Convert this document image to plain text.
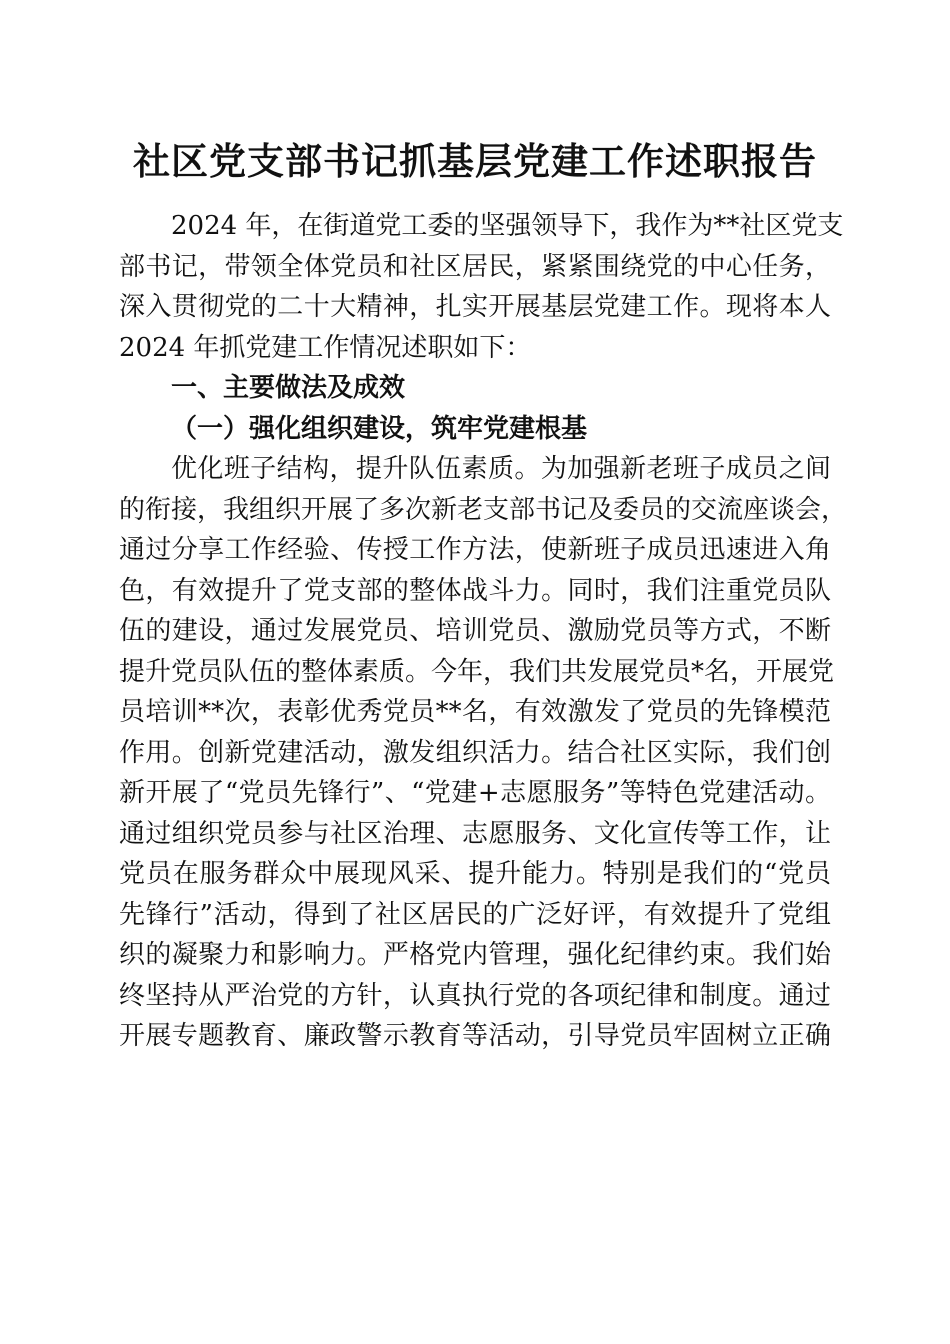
社区党支部书记抓基层党建工作述职报告
2024 年，在街道党工委的坚强领导下，我作为**社区党支
部书记，带领全体党员和社区居民，紧紧围绕党的中心任务，
深入贯彻党的二十大精神，扎实开展基层党建工作。现将本人
2024 年抓党建工作情况述职如下：
一、主要做法及成效
（一）强化组织建设，筑牢党建根基
优化班子结构，提升队伍素质。为加强新老班子成员之间
的衔接，我组织开展了多次新老支部书记及委员的交流座谈会，
通过分享工作经验、传授工作方法，使新班子成员迅速进入角
色，有效提升了党支部的整体战斗力。同时，我们注重党员队
伍的建设，通过发展党员、培训党员、激励党员等方式，不断
提升党员队伍的整体素质。今年，我们共发展党员*名，开展党
员培训**次，表彰优秀党员**名，有效激发了党员的先锋模范
作用。创新党建活动，激发组织活力。结合社区实际，我们创
新开展了“党员先锋行”、“党建+志愿服务”等特色党建活动。
通过组织党员参与社区治理、志愿服务、文化宣传等工作，让
党员在服务群众中展现风采、提升能力。特别是我们的“党员
先锋行”活动，得到了社区居民的广泛好评，有效提升了党组
织的凝聚力和影响力。严格党内管理，强化纪律约束。我们始
终坚持从严治党的方针，认真执行党的各项纪律和制度。通过
开展专题教育、廉政警示教育等活动，引导党员牢固树立正确
